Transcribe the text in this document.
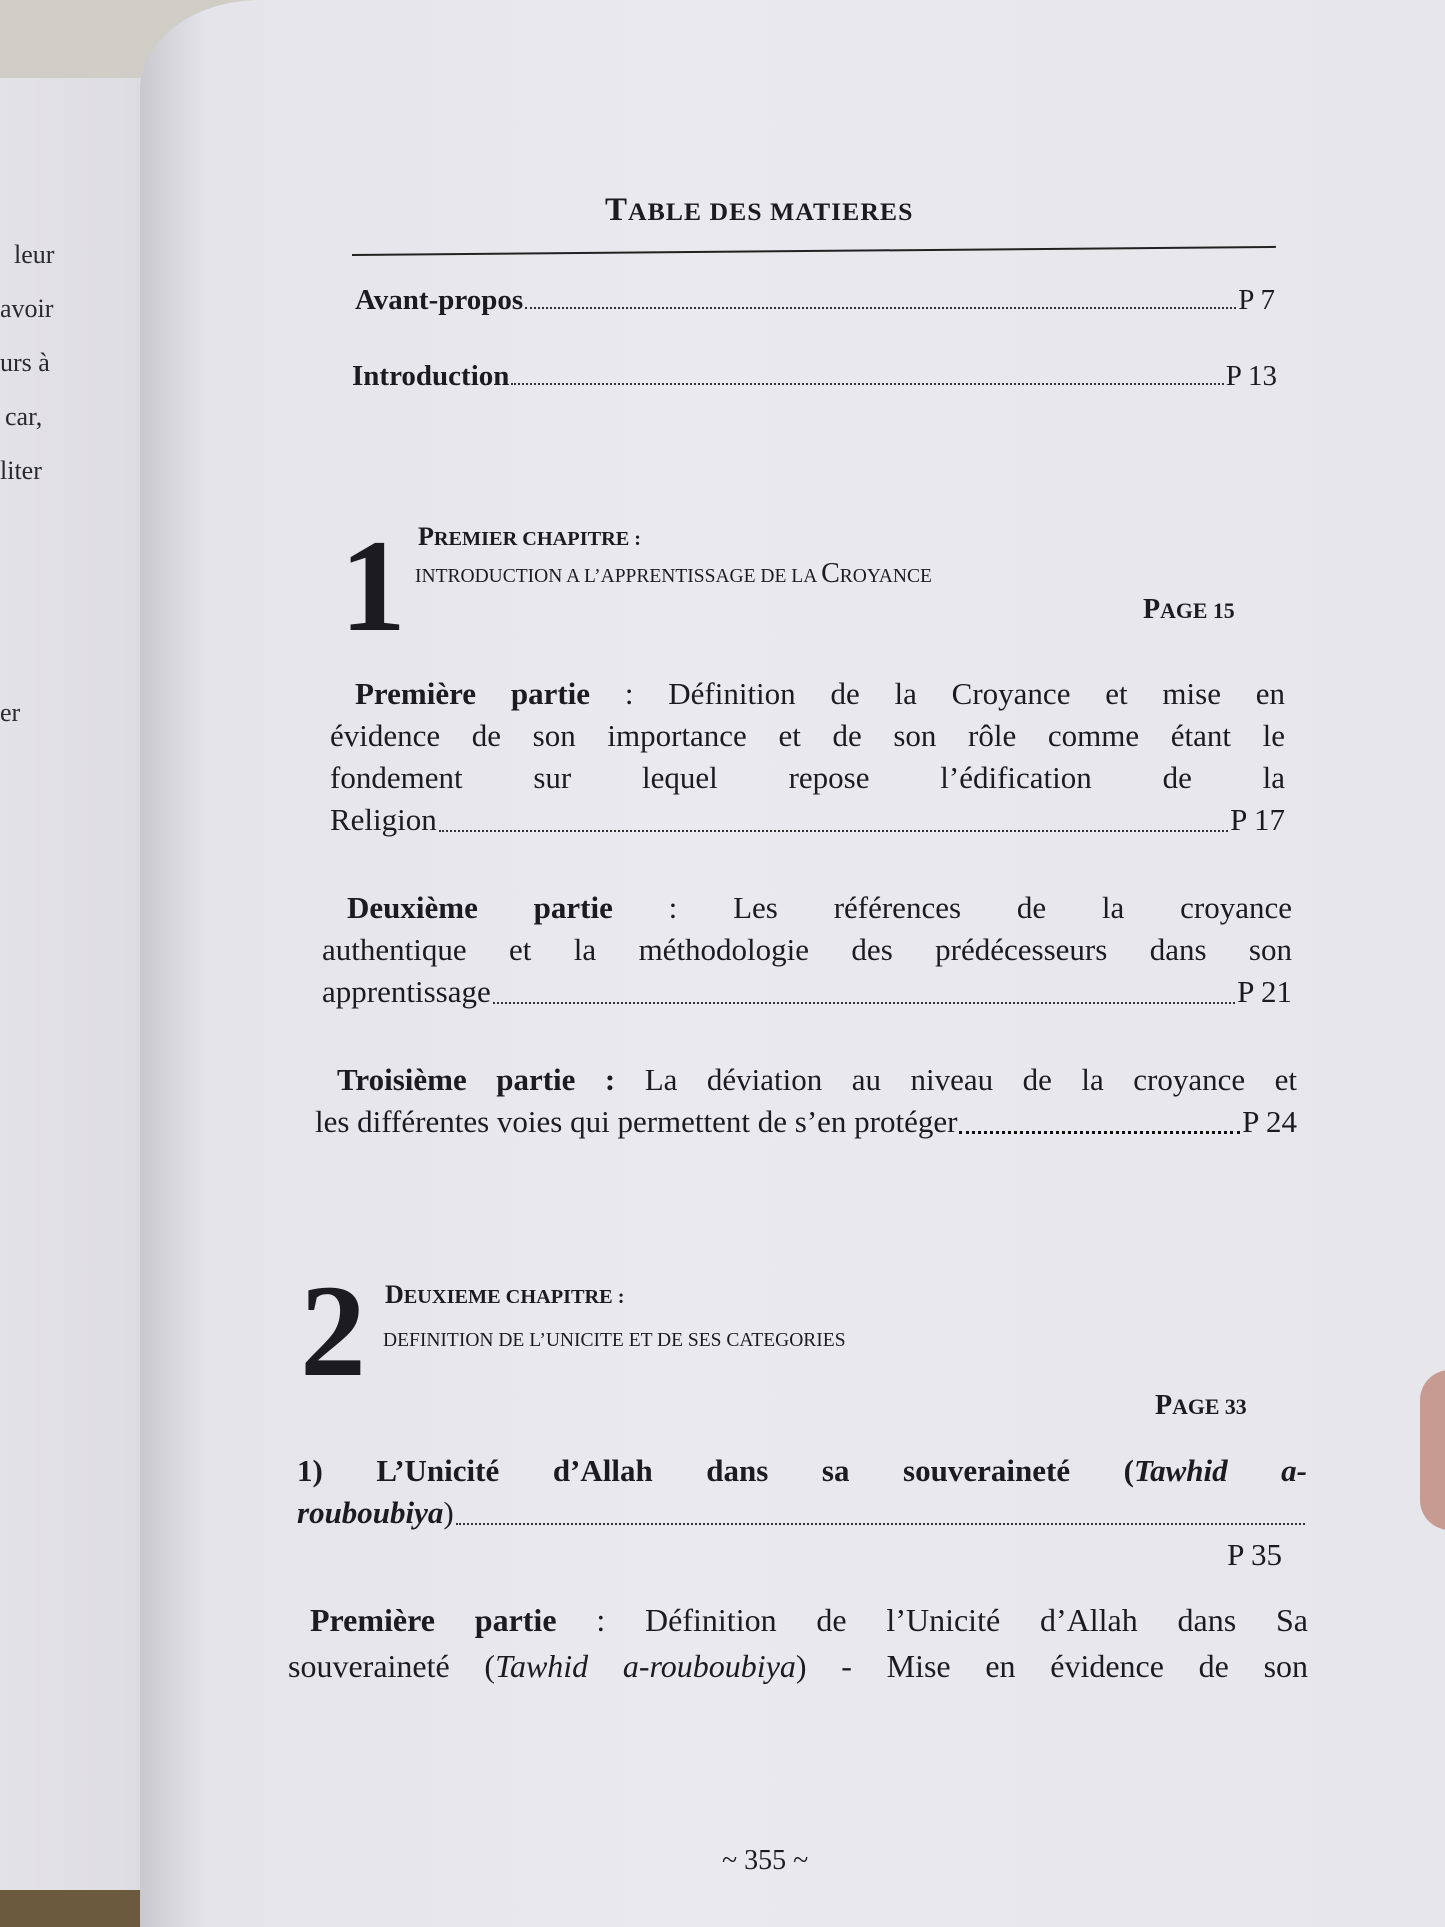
leur
avoir
urs à
car,
liter
er
TABLE DES MATIERES
Avant-propos	P 7
Introduction	P 13
1 PREMIER CHAPITRE :
INTRODUCTION A L’APPRENTISSAGE DE LA CROYANCE
PAGE 15
Première partie : Définition de la Croyance et mise en
évidence de son importance et de son rôle comme étant le
fondement sur lequel repose l’édification de la
Religion	P 17
Deuxième partie : Les références de la croyance
authentique et la méthodologie des prédécesseurs dans son
apprentissage	P 21
Troisième partie : La déviation au niveau de la croyance et
les différentes voies qui permettent de s’en protéger	P 24
2 DEUXIEME CHAPITRE :
DEFINITION DE L’UNICITE ET DE SES CATEGORIES
PAGE 33
1) L’Unicité d’Allah dans sa souveraineté (Tawhid a-
rouboubiya)
P 35
Première partie : Définition de l’Unicité d’Allah dans Sa
souveraineté (Tawhid a-rouboubiya) - Mise en évidence de son
~ 355 ~
